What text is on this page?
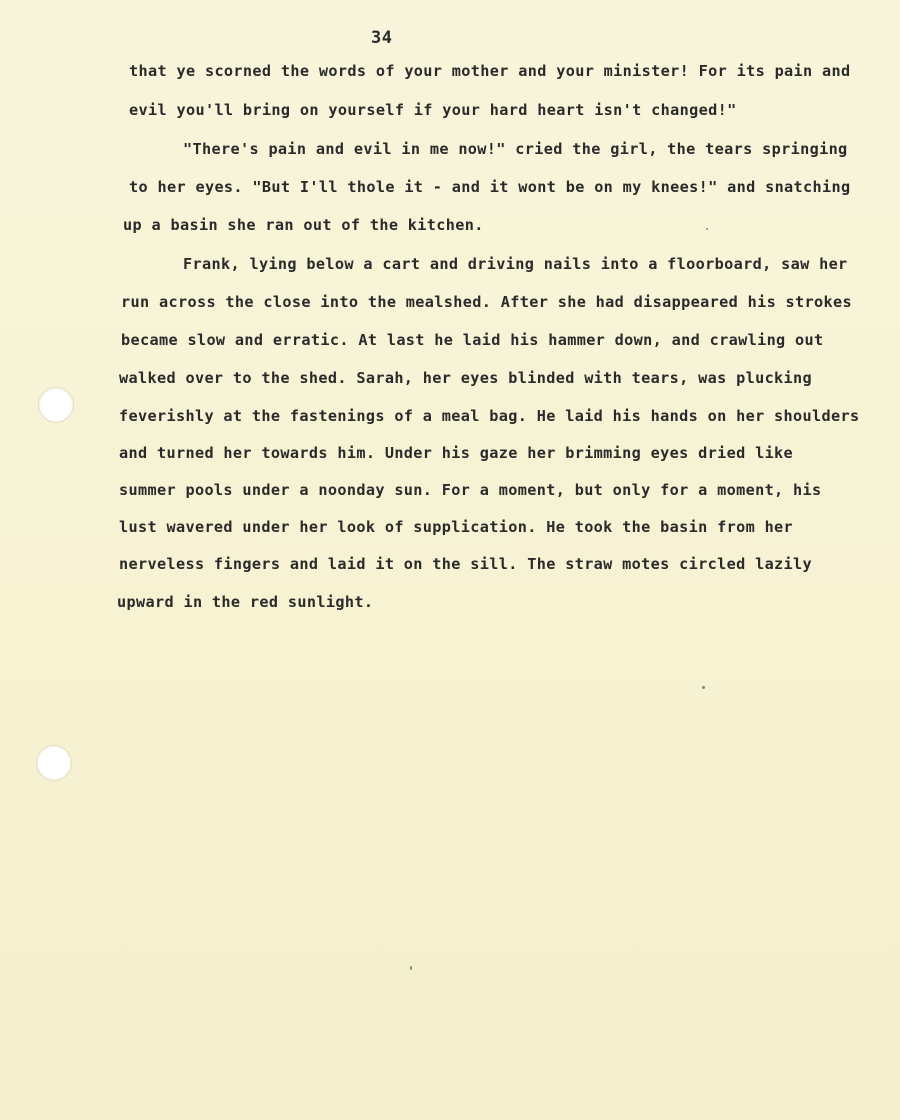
34
that ye scorned the words of your mother and your minister! For its pain and
evil you'll bring on yourself if your hard heart isn't changed!"
"There's pain and evil in me now!" cried the girl, the tears springing
to her eyes. "But I'll thole it - and it wont be on my knees!" and snatching
up a basin she ran out of the kitchen.
Frank, lying below a cart and driving nails into a floorboard, saw her
run across the close into the mealshed. After she had disappeared his strokes
became slow and erratic. At last he laid his hammer down, and crawling out
walked over to the shed. Sarah, her eyes blinded with tears, was plucking
feverishly at the fastenings of a meal bag. He laid his hands on her shoulders
and turned her towards him. Under his gaze her brimming eyes dried like
summer pools under a noonday sun. For a moment, but only for a moment, his
lust wavered under her look of supplication. He took the basin from her
nerveless fingers and laid it on the sill. The straw motes circled lazily
upward in the red sunlight.
